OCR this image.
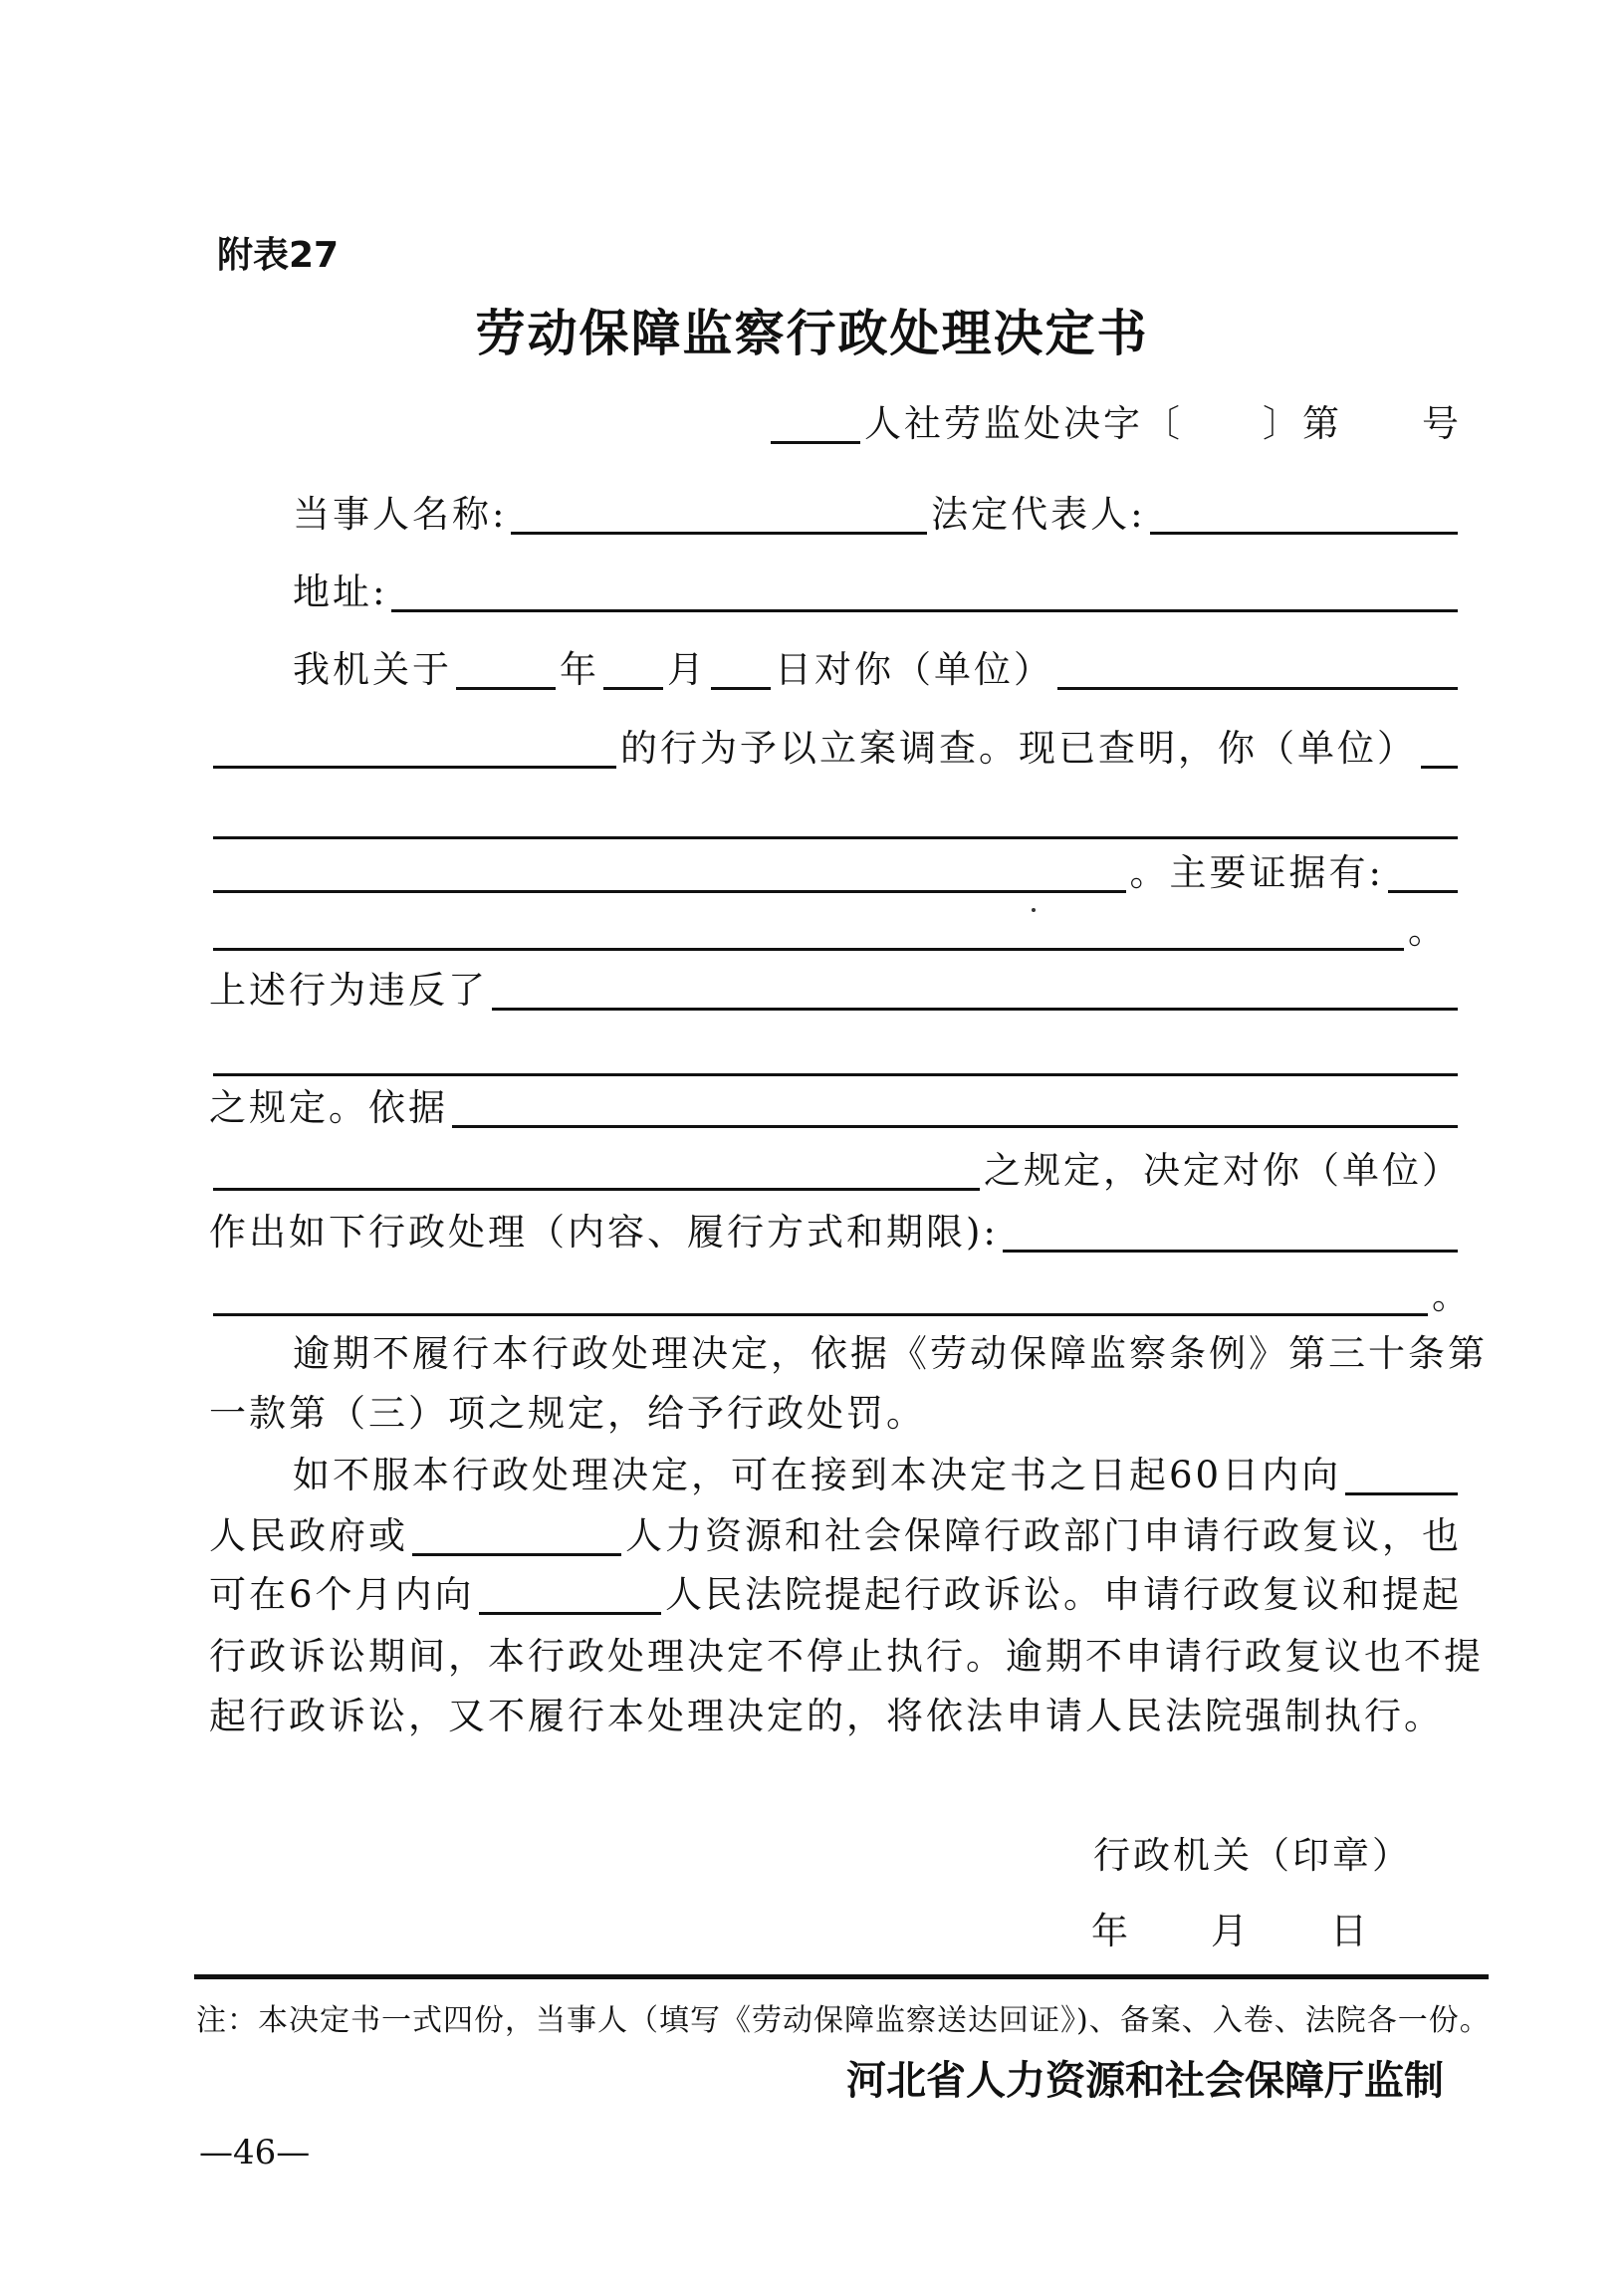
附表27
劳动保障监察行政处理决定书
人社劳监处决字〔　　〕第　　号
当事人名称:	法定代表人:
地址:
我机关于	年 月 日对你（单位）
的行为予以立案调查。现已查明，你（单位）
。主要证据有:
。
上述行为违反了
之规定。依据
之规定，决定对你（单位）
作出如下行政处理（内容、履行方式和期限):
。
逾期不履行本行政处理决定，依据《劳动保障监察条例》第三十条第
一款第（三）项之规定，给予行政处罚。
如不服本行政处理决定，可在接到本决定书之日起60日内向
人民政府或	人力资源和社会保障行政部门申请行政复议，也
可在6个月内向	人民法院提起行政诉讼。申请行政复议和提起
行政诉讼期间，本行政处理决定不停止执行。逾期不申请行政复议也不提
起行政诉讼，又不履行本处理决定的，将依法申请人民法院强制执行。
行政机关（印章）
年　　月　　日
注：本决定书一式四份，当事人（填写《劳动保障监察送达回证》)、备案、入卷、法院各一份。
河北省人力资源和社会保障厅监制
—46—
